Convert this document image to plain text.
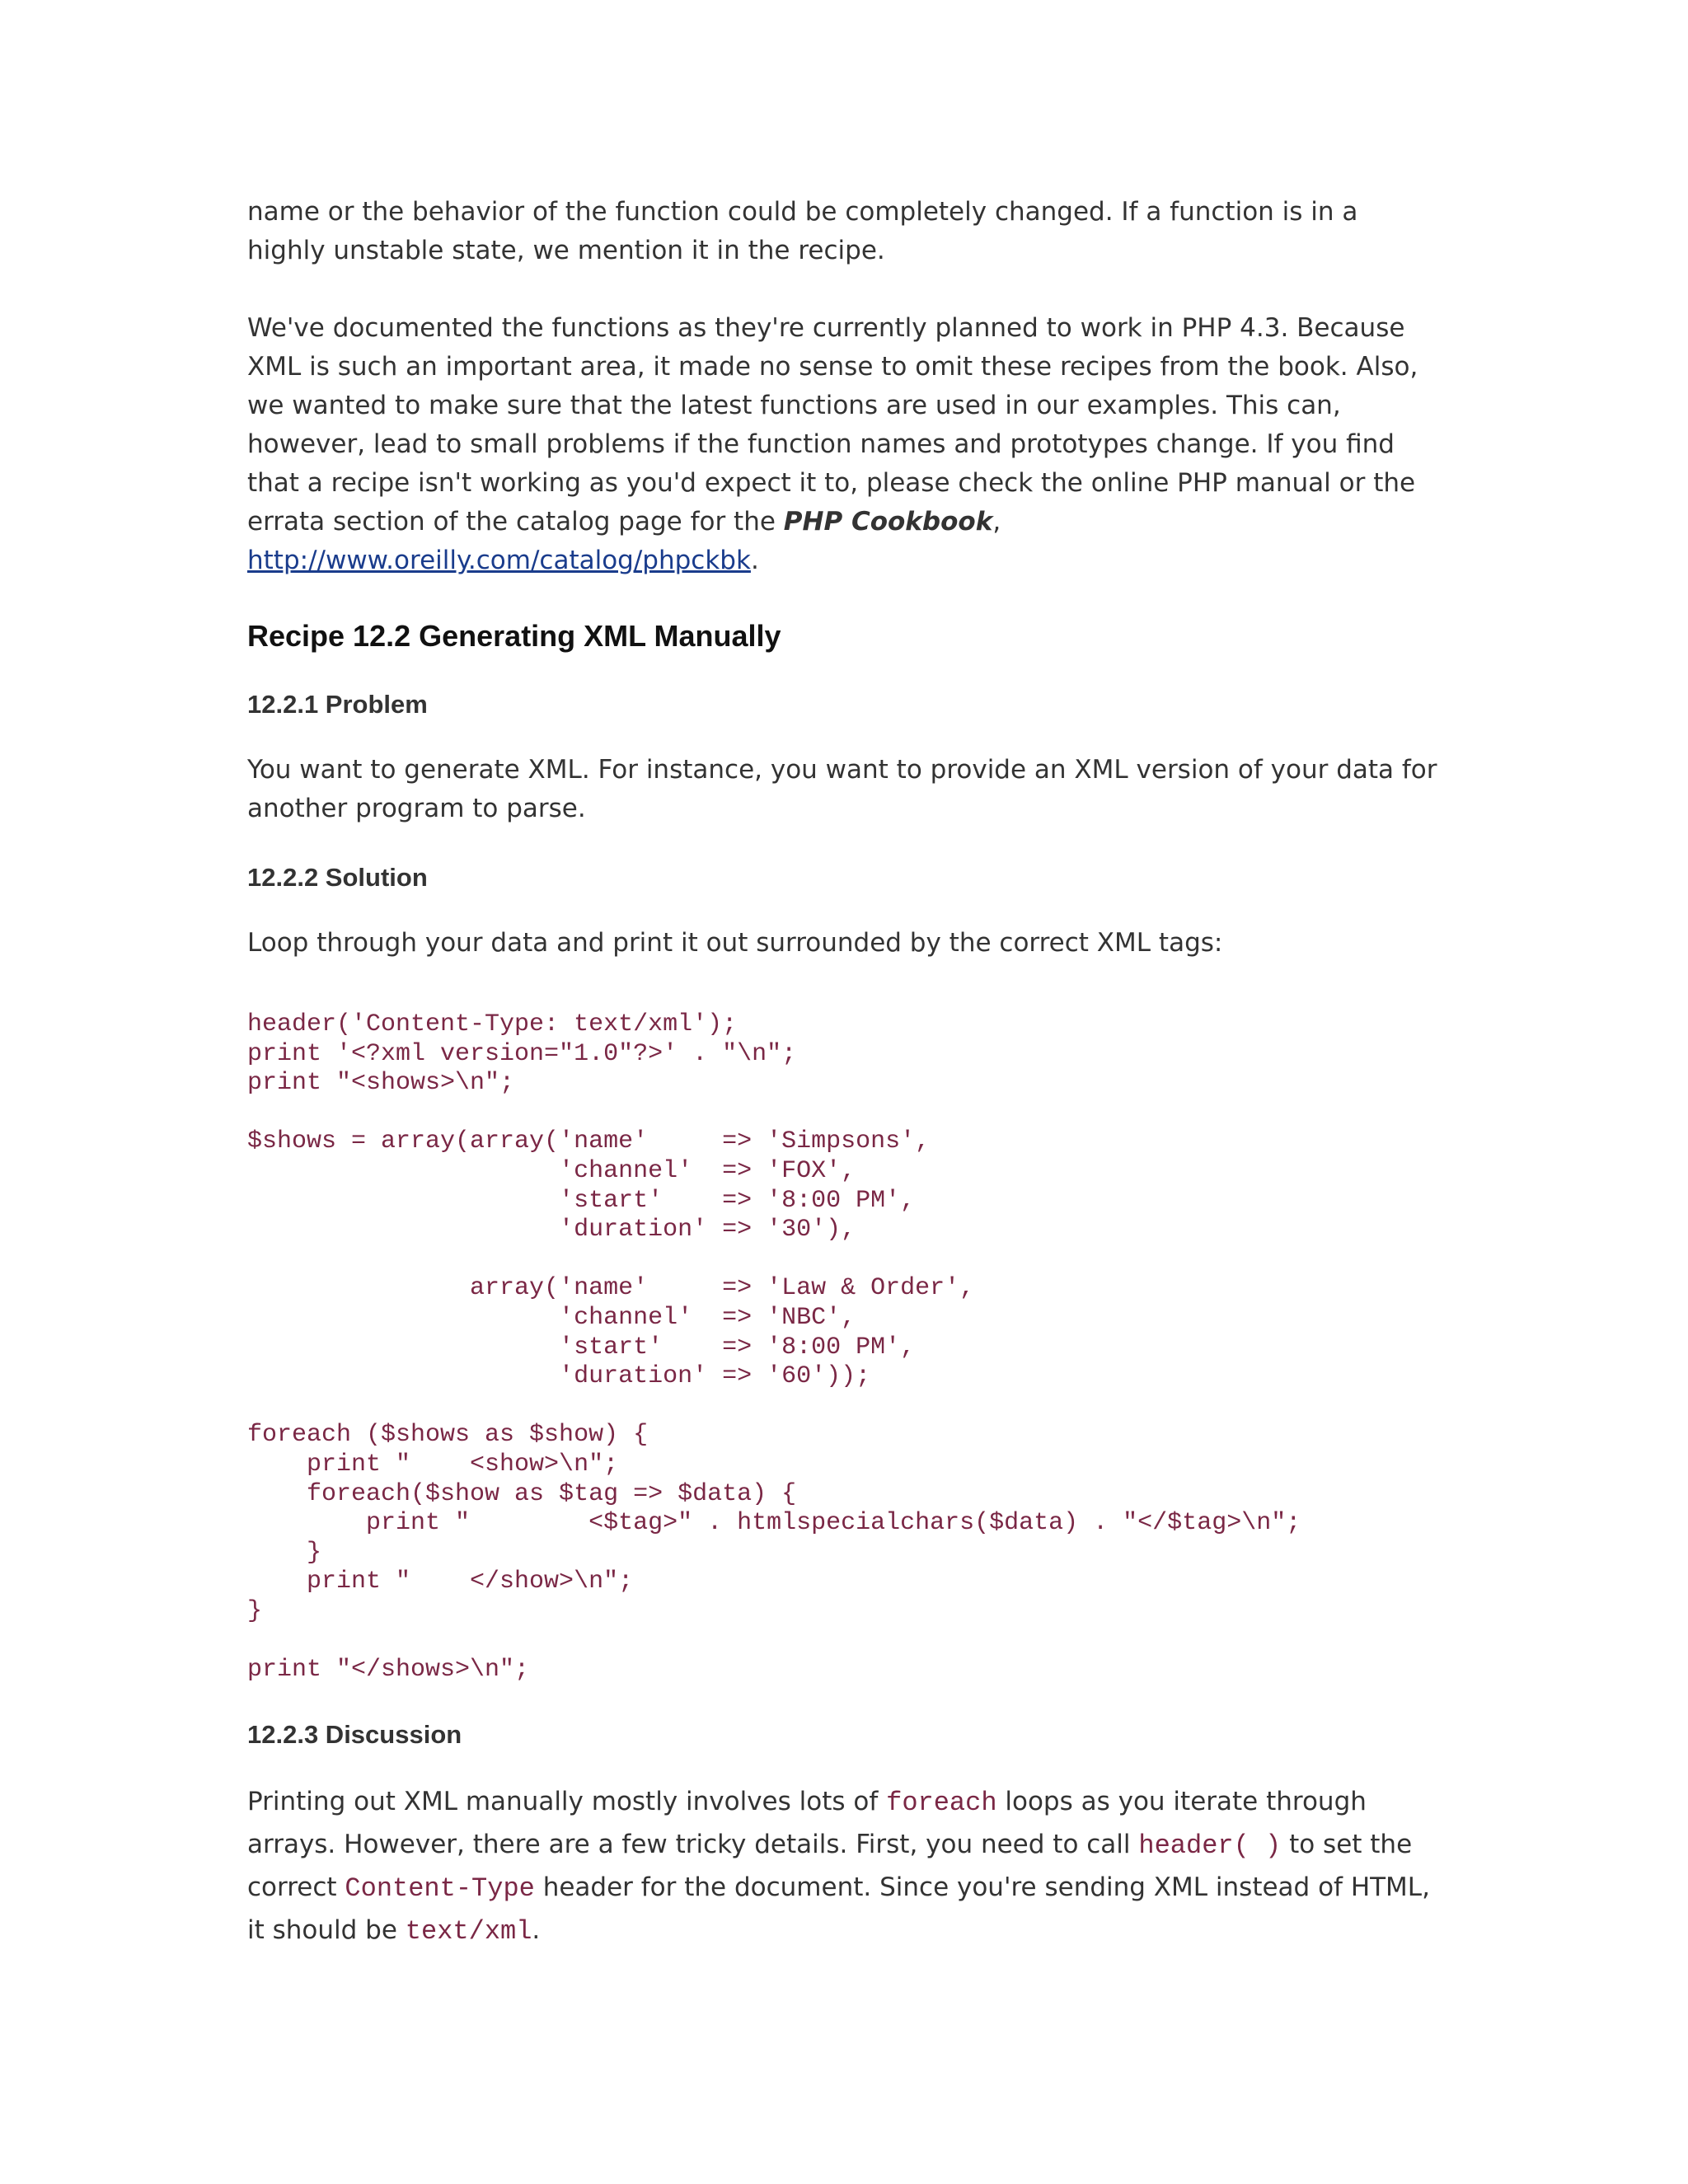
name or the behavior of the function could be completely changed. If a function is in a highly unstable state, we mention it in the recipe.

We've documented the functions as they're currently planned to work in PHP 4.3. Because XML is such an important area, it made no sense to omit these recipes from the book. Also, we wanted to make sure that the latest functions are used in our examples. This can, however, lead to small problems if the function names and prototypes change. If you find that a recipe isn't working as you'd expect it to, please check the online PHP manual or the errata section of the catalog page for the PHP Cookbook, http://www.oreilly.com/catalog/phpckbk.

Recipe 12.2 Generating XML Manually
12.2.1 Problem

You want to generate XML. For instance, you want to provide an XML version of your data for another program to parse.

12.2.2 Solution

Loop through your data and print it out surrounded by the correct XML tags:

header('Content-Type: text/xml');
print '<?xml version="1.0"?>' . "\n";
print "<shows>\n";

$shows = array(array('name'     => 'Simpsons',
'channel'  => 'FOX',
'start'    => '8:00 PM',
'duration' => '30'),

array('name'     => 'Law & Order',
'channel'  => 'NBC',
'start'    => '8:00 PM',
'duration' => '60'));

foreach ($shows as $show) {
print "    <show>\n";
foreach($show as $tag => $data) {
print "        <$tag>" . htmlspecialchars($data) . "</$tag>\n";
}
print "    </show>\n";
}

print "</shows>\n";
12.2.3 Discussion

Printing out XML manually mostly involves lots of foreach loops as you iterate through arrays. However, there are a few tricky details. First, you need to call header( ) to set the correct Content-Type header for the document. Since you're sending XML instead of HTML, it should be text/xml.
